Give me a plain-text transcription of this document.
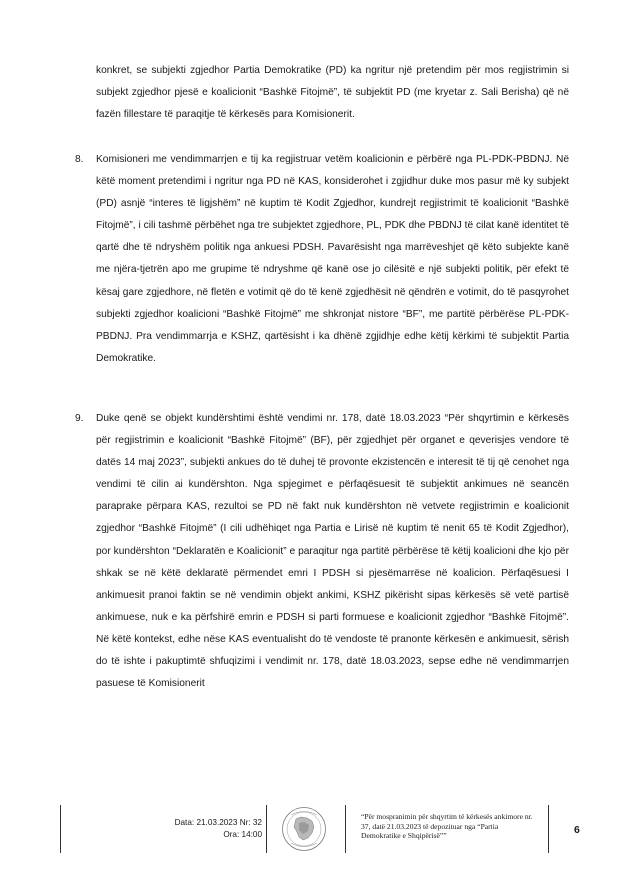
konkret, se subjekti zgjedhor Partia Demokratike (PD) ka ngritur një pretendim për mos regjistrimin si subjekt zgjedhor pjesë e koalicionit “Bashkë Fitojmë”, të subjektit PD (me kryetar z. Sali Berisha) që në fazën fillestare të paraqitje të kërkesës para Komisionerit.

8. Komisioneri me vendimmarrjen e tij ka regjistruar vetëm koalicionin e përbërë nga PL-PDK-PBDNJ. Në këtë moment pretendimi i ngritur nga PD në KAS, konsiderohet i zgjidhur duke mos pasur më ky subjekt (PD) asnjë “interes të ligjshëm” në kuptim të Kodit Zgjedhor, kundrejt regjistrimit të koalicionit “Bashkë Fitojmë”, i cili tashmë përbëhet nga tre subjektet zgjedhore, PL, PDK dhe PBDNJ të cilat kanë identitet të qartë dhe të ndryshëm politik nga ankuesi PDSH. Pavarësisht nga marrëveshjet që këto subjekte kanë me njëra-tjetrën apo me grupime të ndryshme që kanë ose jo cilësitë e një subjekti politik, për efekt të kësaj gare zgjedhore, në fletën e votimit që do të kenë zgjedhësit në qëndrën e votimit, do të pasqyrohet subjekti zgjedhor koalicioni “Bashkë Fitojmë” me shkronjat nistore “BF”, me partitë përbërëse PL-PDK-PBDNJ. Pra vendimmarrja e KSHZ, qartësisht i ka dhënë zgjidhje edhe këtij kërkimi të subjektit Partia Demokratike.

9. Duke qenë se objekt kundërshtimi është vendimi nr. 178, datë 18.03.2023 “Për shqyrtimin e kërkesës për regjistrimin e koalicionit “Bashkë Fitojmë” (BF), për zgjedhjet për organet e qeverisjes vendore të datës 14 maj 2023”, subjekti ankues do të duhej të provonte ekzistencën e interesit të tij që cenohet nga vendimi të cilin ai kundërshton. Nga spjegimet e përfaqësuesit të subjektit ankimues në seancën paraprake përpara KAS, rezultoi se PD në fakt nuk kundërshton në vetvete regjistrimin e koalicionit zgjedhor “Bashkë Fitojmë” (I cili udhëhiqet nga Partia e Lirisë në kuptim të nenit 65 të Kodit Zgjedhor), por kundërshton “Deklaratën e Koalicionit” e paraqitur nga partitë përbërëse të këtij koalicioni dhe kjo për shkak se në këtë deklaratë përmendet emri I PDSH si pjesëmarrëse në koalicion. Përfaqësuesi I ankimuesit pranoi faktin se në vendimin objekt ankimi, KSHZ pikërisht sipas kërkesës së vetë partisë ankimuese, nuk e ka përfshirë emrin e PDSH si parti formuese e koalicionit zgjedhor “Bashkë Fitojmë”. Në këtë kontekst, edhe nëse KAS eventualisht do të vendoste të pranonte kërkesën e ankimuesit, sërish do të ishte i pakuptimtë shfuqizimi i vendimit nr. 178, datë 18.03.2023, sepse edhe në vendimmarrjen pasuese të Komisionerit

Data: 21.03.2023 Nr: 32
Ora: 14:00
“Për mospranimin për shqyrtim të kërkesës ankimore nr.
37, datë 21.03.2023 të depozituar nga “Partia
Demokratike e Shqipërisë””	6
